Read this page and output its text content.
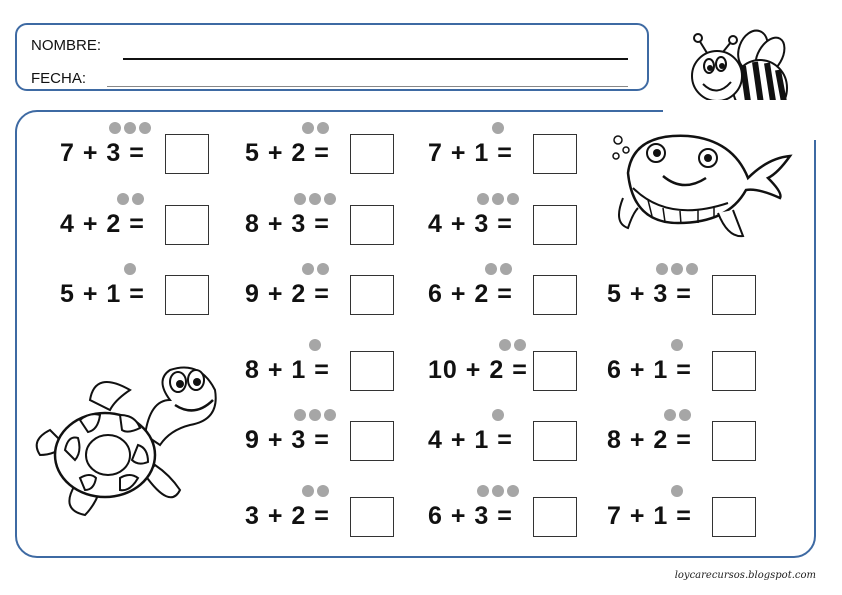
NOMBRE:
FECHA:
7 + 3 =	5 + 2 =	7 + 1 =
4 + 2 =	8 + 3 =	4 + 3 =
5 + 1 =	9 + 2 =	6 + 2 =	5 + 3 =
8 + 1 =	10 + 2 =	6 + 1 =
9 + 3 =	4 + 1 =	8 + 2 =
3 + 2 =	6 + 3 =	7 + 1 =
loycarecursos.blogspot.com
